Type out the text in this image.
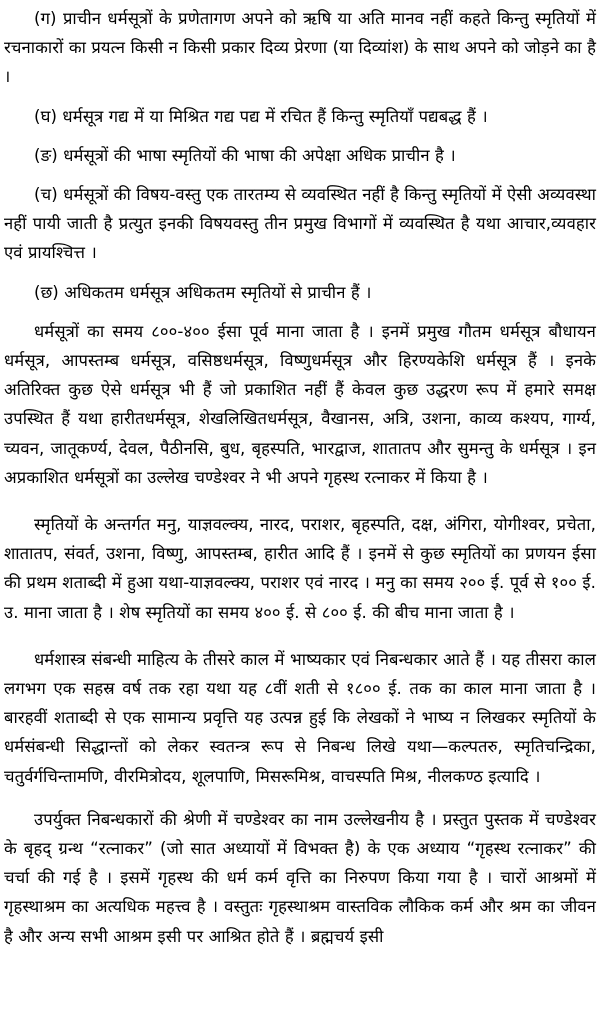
(ग) प्राचीन धर्मसूत्रों के प्रणेतागण अपने को ऋषि या अति मानव नहीं कहते किन्तु स्मृतियों में रचनाकारों का प्रयत्न किसी न किसी प्रकार दिव्य प्रेरणा (या दिव्यांश) के साथ अपने को जोड़ने का है ।

(घ) धर्मसूत्र गद्य में या मिश्रित गद्य पद्य में रचित हैं किन्तु स्मृतियाँ पद्यबद्ध हैं ।

(ङ) धर्मसूत्रों की भाषा स्मृतियों की भाषा की अपेक्षा अधिक प्राचीन है ।

(च) धर्मसूत्रों की विषय-वस्तु एक तारतम्य से व्यवस्थित नहीं है किन्तु स्मृतियों में ऐसी अव्यवस्था नहीं पायी जाती है प्रत्युत इनकी विषयवस्तु तीन प्रमुख विभागों में व्यवस्थित है यथा आचार,व्यवहार एवं प्रायश्चित्त ।

(छ) अधिकतम धर्मसूत्र अधिकतम स्मृतियों से प्राचीन हैं ।

धर्मसूत्रों का समय ८००-४०० ईसा पूर्व माना जाता है । इनमें प्रमुख गौतम धर्मसूत्र बौधायन धर्मसूत्र, आपस्तम्ब धर्मसूत्र, वसिष्ठधर्मसूत्र, विष्णुधर्मसूत्र और हिरण्यकेशि धर्मसूत्र हैं । इनके अतिरिक्त कुछ ऐसे धर्मसूत्र भी हैं जो प्रकाशित नहीं हैं केवल कुछ उद्धरण रूप में हमारे समक्ष उपस्थित हैं यथा हारीतधर्मसूत्र, शेखलिखितधर्मसूत्र, वैखानस, अत्रि, उशना, काव्य कश्यप, गार्ग्य, च्यवन, जातूकर्ण्य, देवल, पैठीनसि, बुध, बृहस्पति, भारद्वाज, शातातप और सुमन्तु के धर्मसूत्र । इन अप्रकाशित धर्मसूत्रों का उल्लेख चण्डेश्वर ने भी अपने गृहस्थ रत्नाकर में किया है ।

स्मृतियों के अन्तर्गत मनु, याज्ञवल्क्य, नारद, पराशर, बृहस्पति, दक्ष, अंगिरा, योगीश्वर, प्रचेता, शातातप, संवर्त, उशना, विष्णु, आपस्तम्ब, हारीत आदि हैं । इनमें से कुछ स्मृतियों का प्रणयन ईसा की प्रथम शताब्दी में हुआ यथा-याज्ञवल्क्य, पराशर एवं नारद । मनु का समय २०० ई. पूर्व से १०० ई. उ. माना जाता है । शेष स्मृतियों का समय ४०० ई. से ८०० ई. की बीच माना जाता है ।

धर्मशास्त्र संबन्धी माहित्य के तीसरे काल में भाष्यकार एवं निबन्धकार आते हैं । यह तीसरा काल लगभग एक सहस्र वर्ष तक रहा यथा यह ८वीं शती से १८०० ई. तक का काल माना जाता है । बारहवीं शताब्दी से एक सामान्य प्रवृत्ति यह उत्पन्न हुई कि लेखकों ने भाष्य न लिखकर स्मृतियों के धर्मसंबन्धी सिद्धान्तों को लेकर स्वतन्त्र रूप से निबन्ध लिखे यथा—कल्पतरु, स्मृतिचन्द्रिका, चतुर्वर्गचिन्तामणि, वीरमित्रोदय, शूलपाणि, मिसरूमिश्र, वाचस्पति मिश्र, नीलकण्ठ इत्यादि ।

उपर्युक्त निबन्धकारों की श्रेणी में चण्डेश्वर का नाम उल्लेखनीय है । प्रस्तुत पुस्तक में चण्डेश्वर के बृहद् ग्रन्थ “रत्नाकर” (जो सात अध्यायों में विभक्त है) के एक अध्याय “गृहस्थ रत्नाकर” की चर्चा की गई है । इसमें गृहस्थ की धर्म कर्म वृत्ति का निरुपण किया गया है । चारों आश्रमों में गृहस्थाश्रम का अत्यधिक महत्त्व है । वस्तुतः गृहस्थाश्रम वास्तविक लौकिक कर्म और श्रम का जीवन है और अन्य सभी आश्रम इसी पर आश्रित होते हैं । ब्रह्मचर्य इसी
